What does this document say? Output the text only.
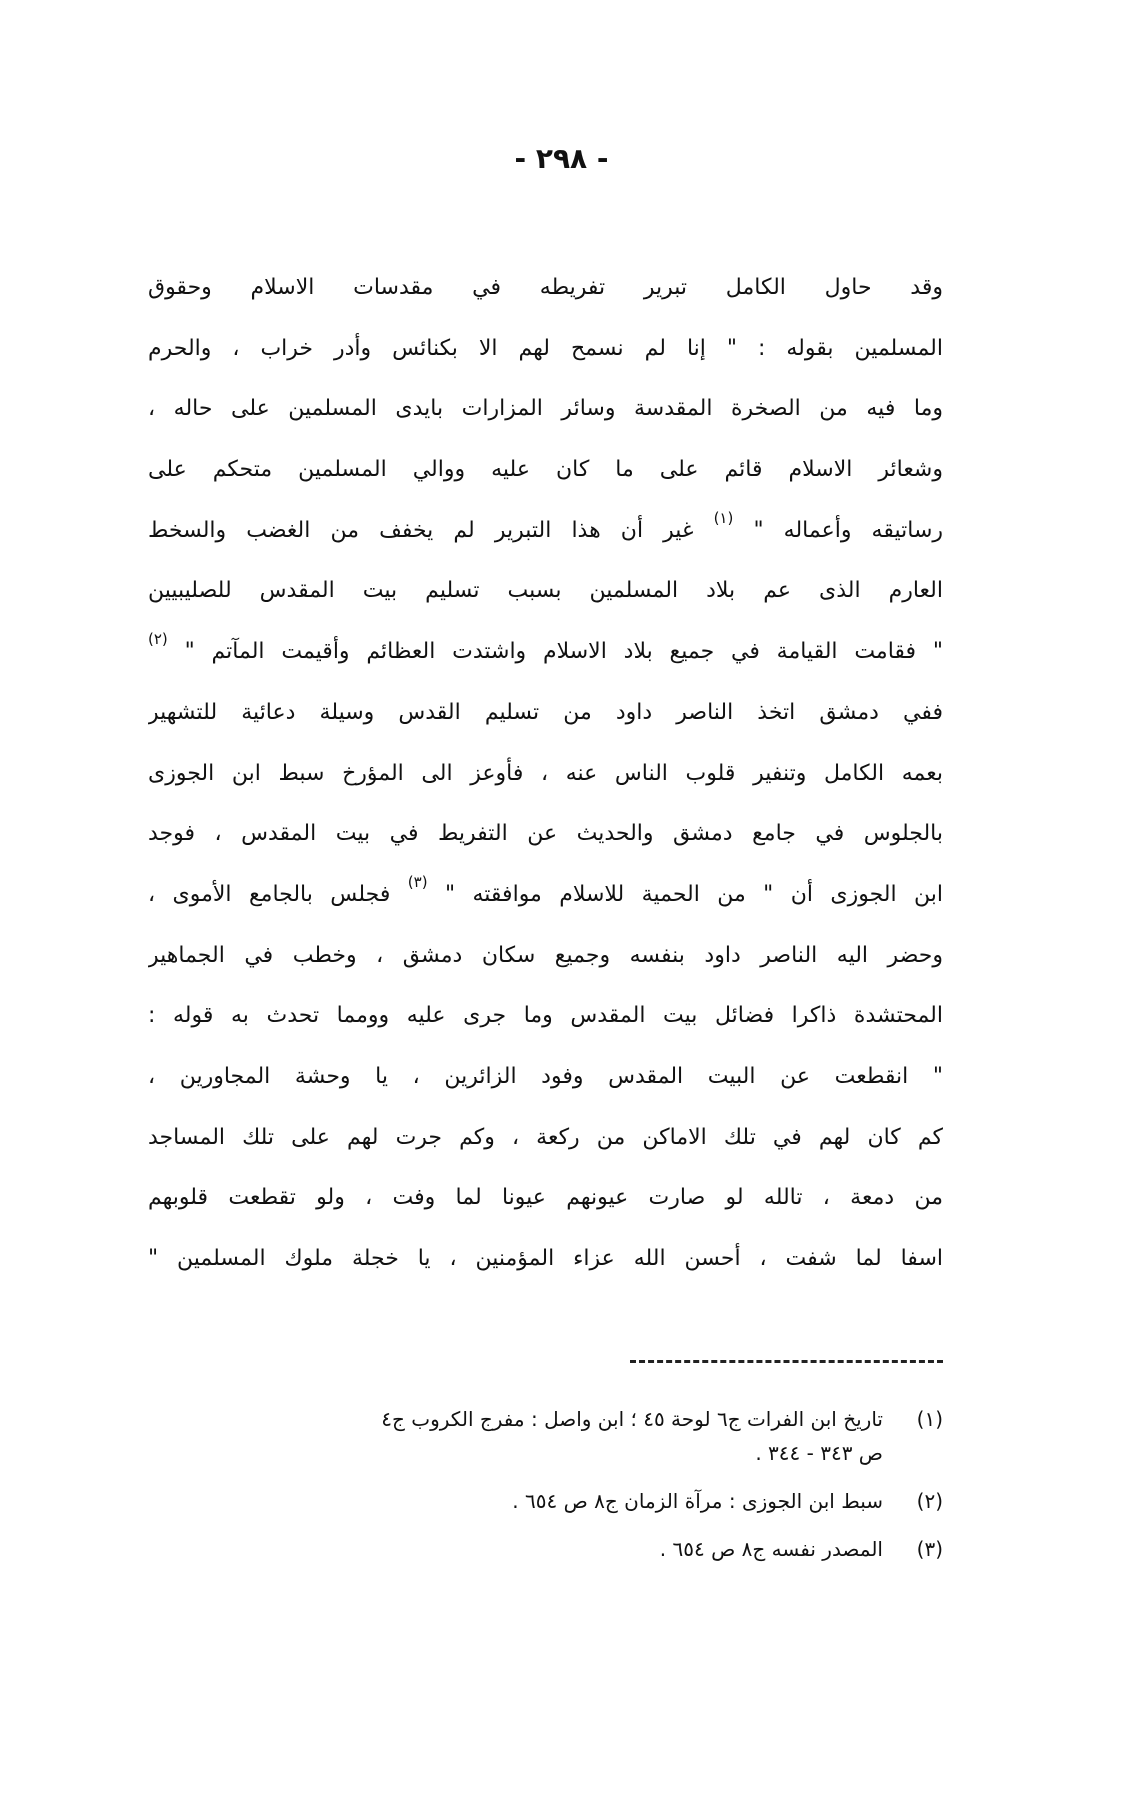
- ٢٩٨ -
وقد حاول الكامل تبرير تفريطه في مقدسات الاسلام وحقوق
المسلمين بقوله : " إنا لم نسمح لهم الا بكنائس وأدر خراب ، والحرم
وما فيه من الصخرة المقدسة وسائر المزارات بايدى المسلمين على حاله ،
وشعائر الاسلام قائم على ما كان عليه ووالي المسلمين متحكم على
رساتيقه وأعماله " $^{(١)}$ غير أن هذا التبرير لم يخفف من الغضب والسخط
العارم الذى عم بلاد المسلمين بسبب تسليم بيت المقدس للصليبيين
" فقامت القيامة في جميع بلاد الاسلام واشتدت العظائم وأقيمت المآتم " $^{(٢)}$
ففي دمشق اتخذ الناصر داود من تسليم القدس وسيلة دعائية للتشهير
بعمه الكامل وتنفير قلوب الناس عنه ، فأوعز الى المؤرخ سبط ابن الجوزى
بالجلوس في جامع دمشق والحديث عن التفريط في بيت المقدس ، فوجد
ابن الجوزى أن " من الحمية للاسلام موافقته " $^{(٣)}$ فجلس بالجامع الأموى ،
وحضر اليه الناصر داود بنفسه وجميع سكان دمشق ، وخطب في الجماهير
المحتشدة ذاكرا فضائل بيت المقدس وما جرى عليه وومما تحدث به قوله :
" انقطعت عن البيت المقدس وفود الزائرين ، يا وحشة المجاورين ،
كم كان لهم في تلك الاماكن من ركعة ، وكم جرت لهم على تلك المساجد
من دمعة ، تالله لو صارت عيونهم عيونا لما وفت ، ولو تقطعت قلوبهم
اسفا لما شفت ، أحسن الله عزاء المؤمنين ، يا خجلة ملوك المسلمين "
(١)
تاريخ ابن الفرات ج٦ لوحة ٤٥ ؛ ابن واصل : مفرج الكروب ج٤
ص ٣٤٣ - ٣٤٤ .
(٢)
سبط ابن الجوزى : مرآة الزمان ج٨ ص ٦٥٤ .
(٣)
المصدر نفسه ج٨ ص ٦٥٤ .
